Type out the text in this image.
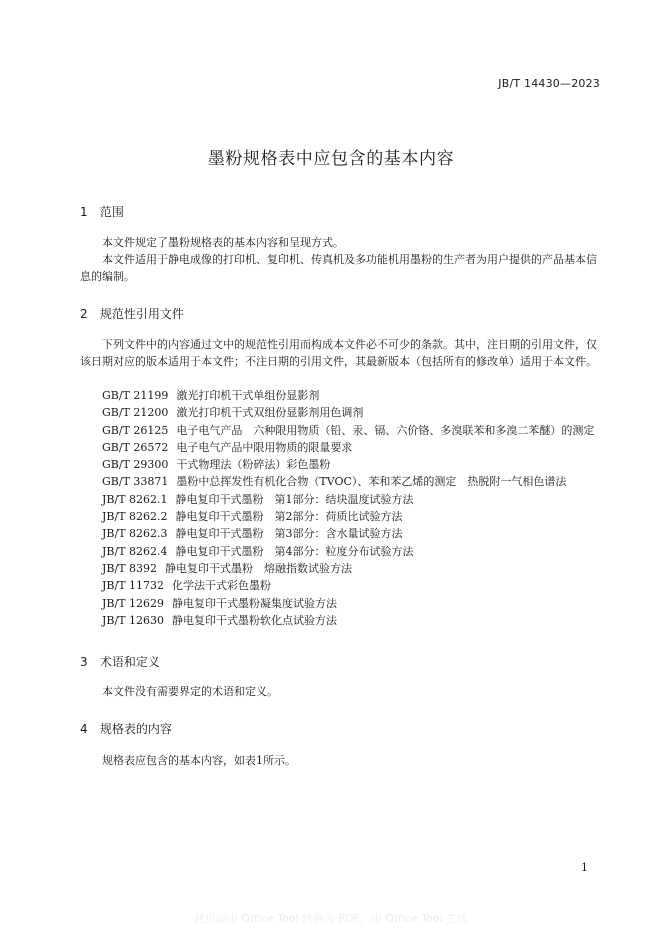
JB/T 14430—2023
墨粉规格表中应包含的基本内容
1 范围

本文件规定了墨粉规格表的基本内容和呈现方式。

本文件适用于静电成像的打印机、复印机、传真机及多功能机用墨粉的生产者为用户提供的产品基本信息的编制。

2 规范性引用文件

下列文件中的内容通过文中的规范性引用而构成本文件必不可少的条款。其中，注日期的引用文件，仅该日期对应的版本适用于本文件；不注日期的引用文件，其最新版本（包括所有的修改单）适用于本文件。

GB/T 21199 激光打印机干式单组份显影剂
GB/T 21200 激光打印机干式双组份显影剂用色调剂
GB/T 26125 电子电气产品　六种限用物质（铅、汞、镉、六价铬、多溴联苯和多溴二苯醚）的测定
GB/T 26572 电子电气产品中限用物质的限量要求
GB/T 29300 干式物理法（粉碎法）彩色墨粉
GB/T 33871 墨粉中总挥发性有机化合物（TVOC）、苯和苯乙烯的测定　热脱附一气相色谱法
JB/T 8262.1 静电复印干式墨粉　第1部分：结块温度试验方法
JB/T 8262.2 静电复印干式墨粉　第2部分：荷质比试验方法
JB/T 8262.3 静电复印干式墨粉　第3部分：含水量试验方法
JB/T 8262.4 静电复印干式墨粉　第4部分：粒度分布试验方法
JB/T 8392 静电复印干式墨粉　熔融指数试验方法
JB/T 11732 化学法干式彩色墨粉
JB/T 12629 静电复印干式墨粉凝集度试验方法
JB/T 12630 静电复印干式墨粉软化点试验方法
3 术语和定义

本文件没有需要界定的术语和定义。

4 规格表的内容

规格表应包含的基本内容，如表1所示。

1
此页面由 Office Tool 转换为 PDF，由 Office Tool 生成
